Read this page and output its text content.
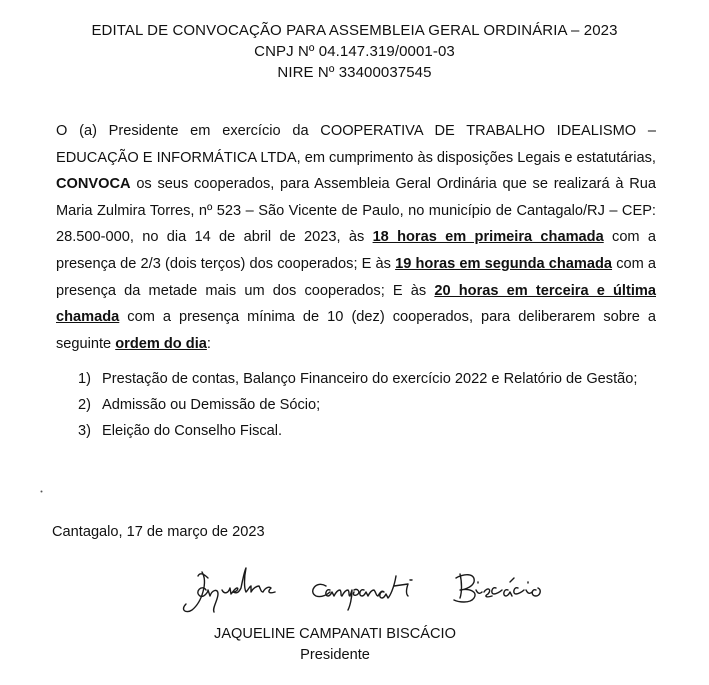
EDITAL DE CONVOCAÇÃO PARA ASSEMBLEIA GERAL ORDINÁRIA – 2023
CNPJ Nº 04.147.319/0001-03
NIRE Nº 33400037545
O (a) Presidente em exercício da COOPERATIVA DE TRABALHO IDEALISMO – EDUCAÇÃO E INFORMÁTICA LTDA, em cumprimento às disposições Legais e estatutárias, CONVOCA os seus cooperados, para Assembleia Geral Ordinária que se realizará à Rua Maria Zulmira Torres, nº 523 – São Vicente de Paulo, no município de Cantagalo/RJ – CEP: 28.500-000, no dia 14 de abril de 2023, às 18 horas em primeira chamada com a presença de 2/3 (dois terços) dos cooperados; E às 19 horas em segunda chamada com a presença da metade mais um dos cooperados; E às 20 horas em terceira e última chamada com a presença mínima de 10 (dez) cooperados, para deliberarem sobre a seguinte ordem do dia:
1) Prestação de contas, Balanço Financeiro do exercício 2022 e Relatório de Gestão;
2) Admissão ou Demissão de Sócio;
3) Eleição do Conselho Fiscal.
Cantagalo, 17 de março de 2023
JAQUELINE CAMPANATI BISCÁCIO
Presidente
